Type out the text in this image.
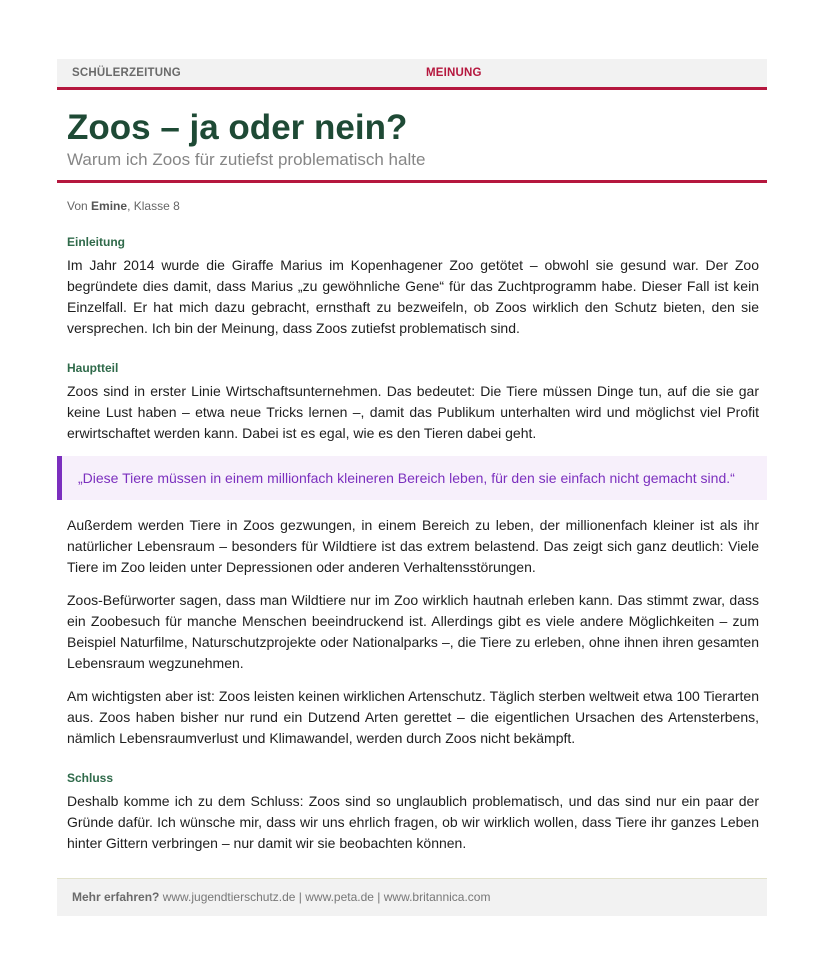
SCHÜLERZEITUNG	MEINUNG
Zoos – ja oder nein?
Warum ich Zoos für zutiefst problematisch halte
Von Emine, Klasse 8
Einleitung

Im Jahr 2014 wurde die Giraffe Marius im Kopenhagener Zoo getötet – obwohl sie gesund war. Der Zoo begründete dies damit, dass Marius „zu gewöhnliche Gene“ für das Zuchtprogramm habe. Dieser Fall ist kein Einzelfall. Er hat mich dazu gebracht, ernsthaft zu bezweifeln, ob Zoos wirklich den Schutz bieten, den sie versprechen. Ich bin der Meinung, dass Zoos zutiefst problematisch sind.

Hauptteil

Zoos sind in erster Linie Wirtschaftsunternehmen. Das bedeutet: Die Tiere müssen Dinge tun, auf die sie gar keine Lust haben – etwa neue Tricks lernen –, damit das Publikum unterhalten wird und möglichst viel Profit erwirtschaftet werden kann. Dabei ist es egal, wie es den Tieren dabei geht.

„Diese Tiere müssen in einem millionfach kleineren Bereich leben, für den sie einfach nicht gemacht sind.“

Außerdem werden Tiere in Zoos gezwungen, in einem Bereich zu leben, der millionenfach kleiner ist als ihr natürlicher Lebensraum – besonders für Wildtiere ist das extrem belastend. Das zeigt sich ganz deutlich: Viele Tiere im Zoo leiden unter Depressionen oder anderen Verhaltensstörungen.

Zoos-Befürworter sagen, dass man Wildtiere nur im Zoo wirklich hautnah erleben kann. Das stimmt zwar, dass ein Zoobesuch für manche Menschen beeindruckend ist. Allerdings gibt es viele andere Möglichkeiten – zum Beispiel Naturfilme, Naturschutzprojekte oder Nationalparks –, die Tiere zu erleben, ohne ihnen ihren gesamten Lebensraum wegzunehmen.

Am wichtigsten aber ist: Zoos leisten keinen wirklichen Artenschutz. Täglich sterben weltweit etwa 100 Tierarten aus. Zoos haben bisher nur rund ein Dutzend Arten gerettet – die eigentlichen Ursachen des Artensterbens, nämlich Lebensraumverlust und Klimawandel, werden durch Zoos nicht bekämpft.

Schluss

Deshalb komme ich zu dem Schluss: Zoos sind so unglaublich problematisch, und das sind nur ein paar der Gründe dafür. Ich wünsche mir, dass wir uns ehrlich fragen, ob wir wirklich wollen, dass Tiere ihr ganzes Leben hinter Gittern verbringen – nur damit wir sie beobachten können.

Mehr erfahren? www.jugendtierschutz.de | www.peta.de | www.britannica.com
